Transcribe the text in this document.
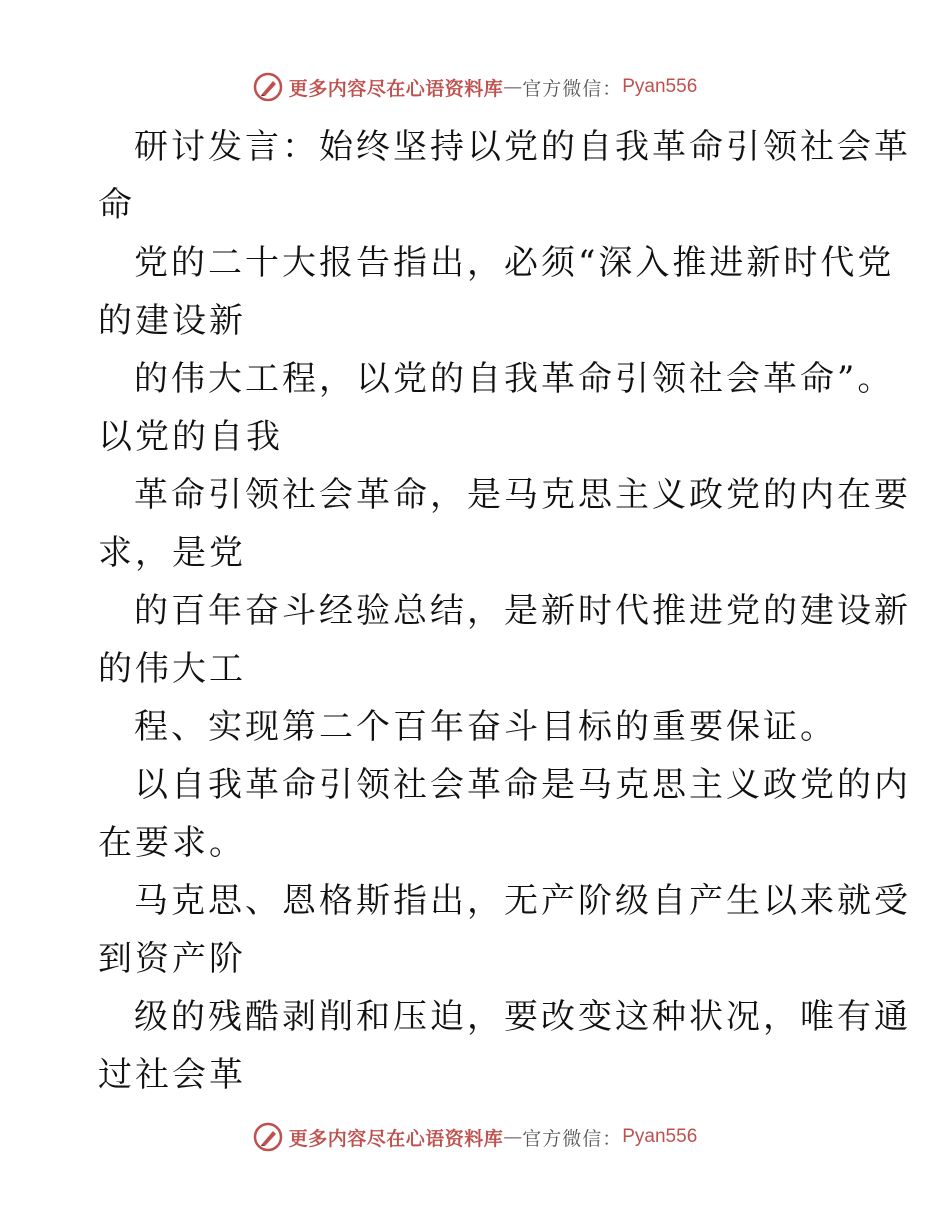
更多内容尽在心语资料库 — 官方微信： Pyan556

研讨发言：始终坚持以党的自我革命引领社会革
命

党的二十大报告指出，必须“深入推进新时代党
的建设新

的伟大工程，以党的自我革命引领社会革命”。
以党的自我

革命引领社会革命，是马克思主义政党的内在要
求，是党

的百年奋斗经验总结，是新时代推进党的建设新
的伟大工

程、实现第二个百年奋斗目标的重要保证。

以自我革命引领社会革命是马克思主义政党的内
在要求。

马克思、恩格斯指出，无产阶级自产生以来就受
到资产阶

级的残酷剥削和压迫，要改变这种状况，唯有通
过社会革

更多内容尽在心语资料库 — 官方微信： Pyan556
